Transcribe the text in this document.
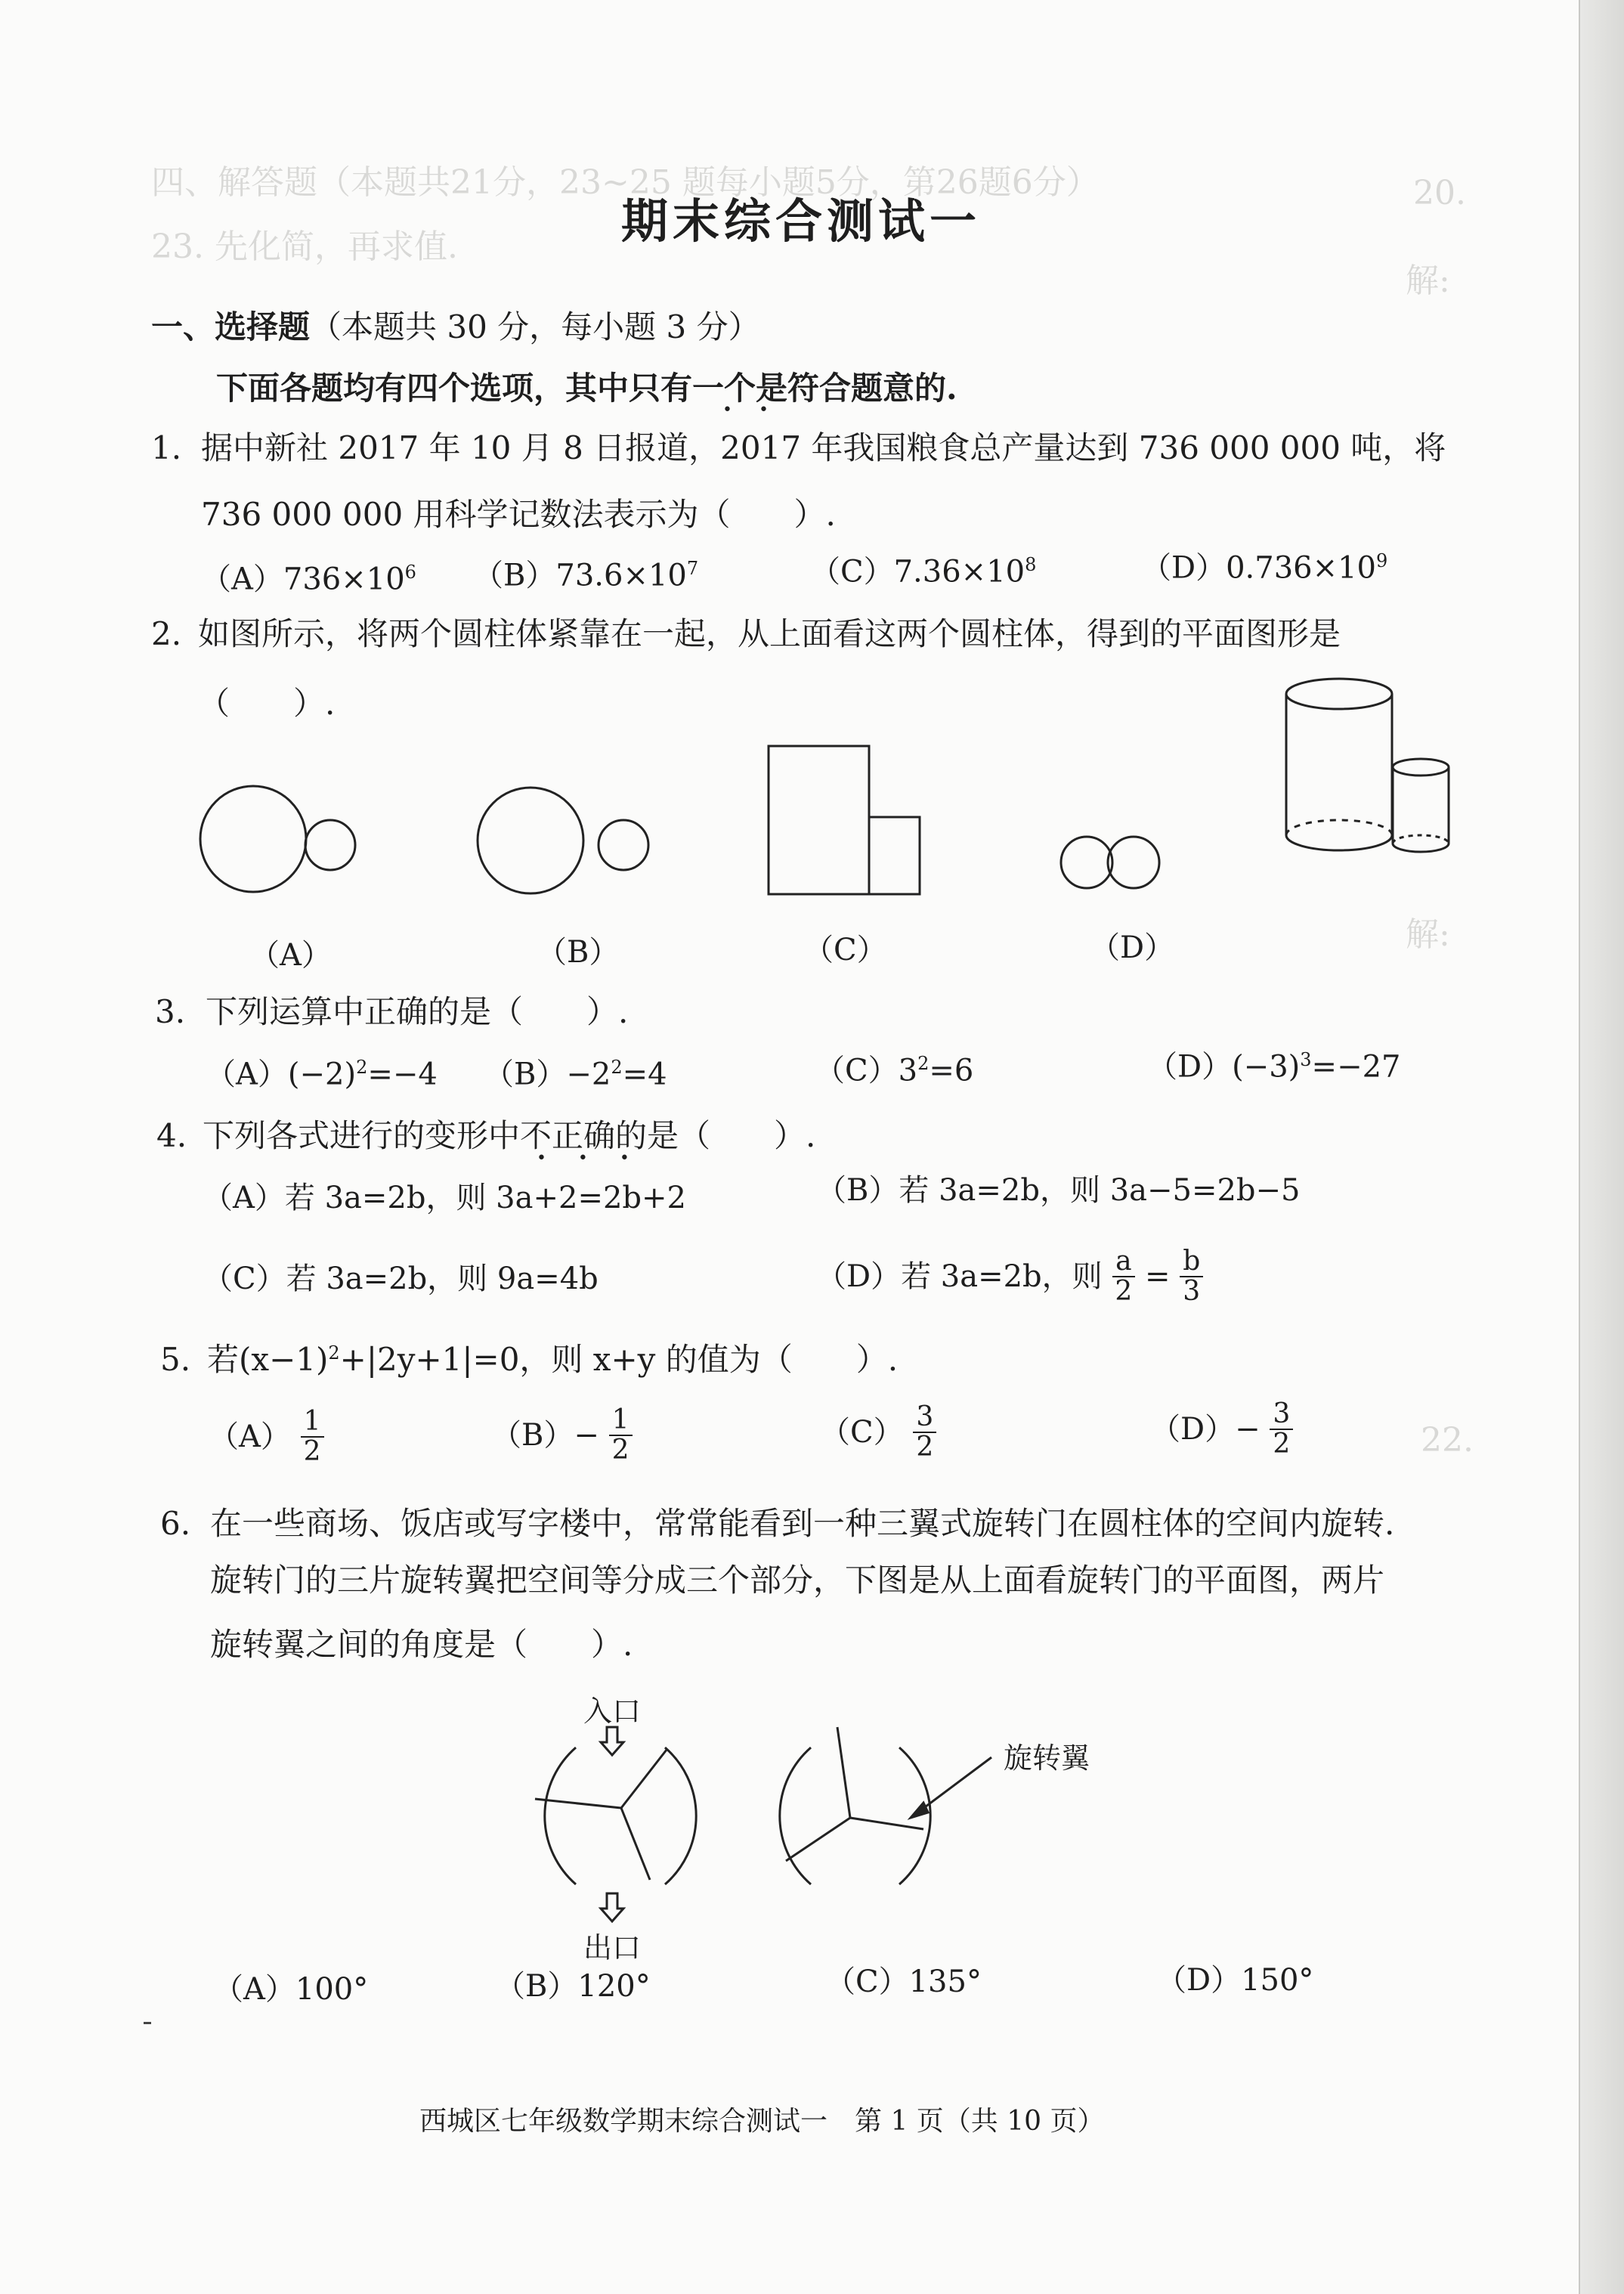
四、解答题（本题共21分，23~25 题每小题5分，第26题6分）
23. 先化简，再求值.
20.
解:
22.
解:
期末综合测试一
一、选择题（本题共 30 分，每小题 3 分）
下面各题均有四个选项，其中只有一个是符合题意的.
•     •
1. 据中新社 2017 年 10 月 8 日报道，2017 年我国粮食总产量达到 736 000 000 吨，将
736 000 000 用科学记数法表示为（　　）.
$(A)736\times 10^6$ $(B)73.6\times 10^7$	$(C)7.36\times 10^8$	$(D)0.736\times 10^9$
2. 如图所示，将两个圆柱体紧靠在一起，从上面看这两个圆柱体，得到的平面图形是
（　　）.
（A）	（B）	（C）	（D）
3. 下列运算中正确的是（　　）.
$(A)(-2)^2=-4$ $(B)-2^2=4$	$(C)3^2=6$	$(D)(-3)^3=-27$
4. 下列各式进行的变形中不正确的是（　　）.
•      •      •
（A）若 3a=2b，则 3a+2=2b+2	（B）若 3a=2b，则 3a−5=2b−5
（C）若 3a=2b，则 9a=4b	（D）若 3a=2b，则 $\frac{a}{2} = \frac{b}{3}$
5. 若$(x-1)^2+|2y+1|=0$，则 x+y 的值为（　　）.
$(A) \frac{1}{2}$	$(B)- \frac{1}{2}$	$(C) \frac{3}{2}$	$(D)- \frac{3}{2}$
6. 在一些商场、饭店或写字楼中，常常能看到一种三翼式旋转门在圆柱体的空间内旋转.
旋转门的三片旋转翼把空间等分成三个部分，下图是从上面看旋转门的平面图，两片
旋转翼之间的角度是（　　）.
入口
出口
旋转翼
（A）100°	（B）120°	（C）135°	（D）150°
西城区七年级数学期末综合测试一　第 1 页（共 10 页）
